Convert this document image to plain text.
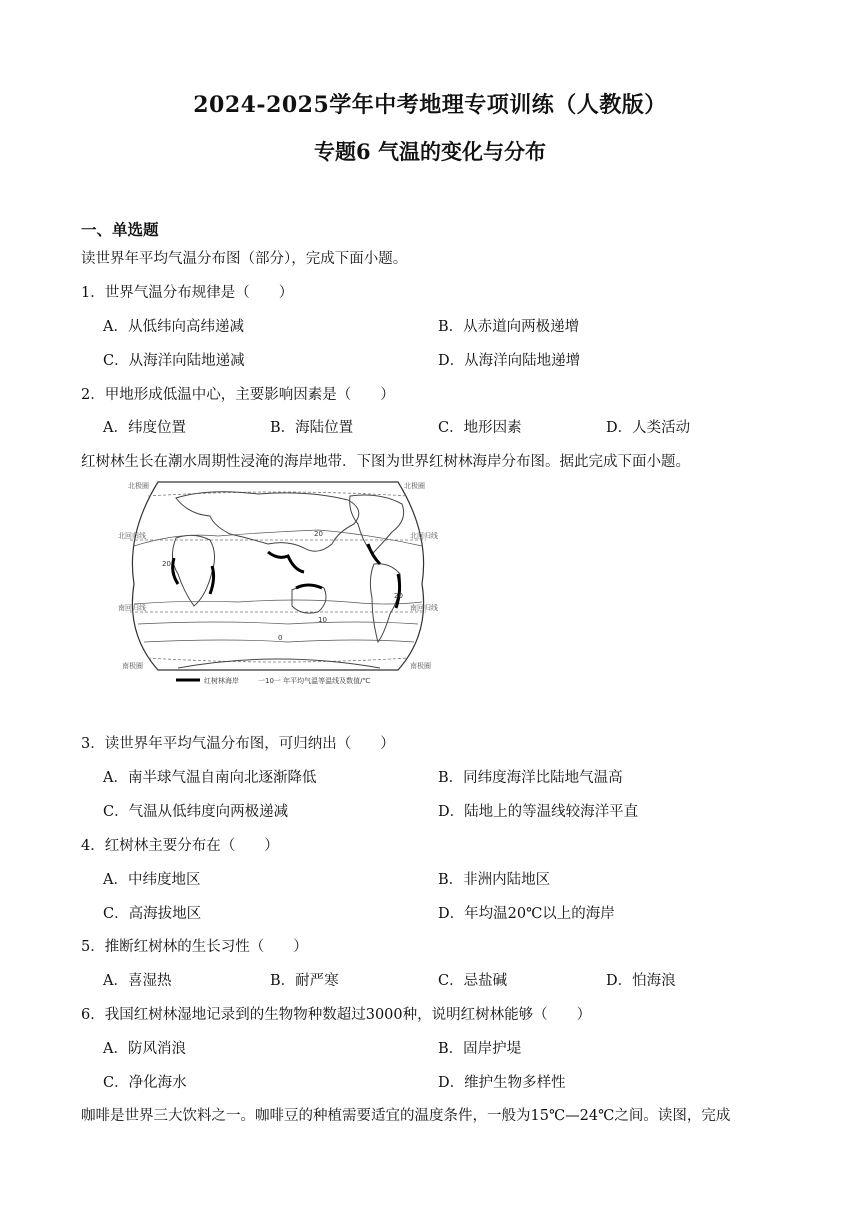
2024-2025学年中考地理专项训练（人教版）
专题6 气温的变化与分布
一、单选题
读世界年平均气温分布图（部分），完成下面小题。
1．世界气温分布规律是（　　）
A．从低纬向高纬递减	B．从赤道向两极递增
C．从海洋向陆地递减	D．从海洋向陆地递增
2．甲地形成低温中心，主要影响因素是（　　）
A．纬度位置	B．海陆位置	C．地形因素	D．人类活动
红树林生长在潮水周期性浸淹的海岸地带．下图为世界红树林海岸分布图。据此完成下面小题。
北极圈	北极圈
北回归线	北回归线
南回归线	南回归线
南极圈	南极圈
20
20
20
10
0
红树林海岸	一10一 年平均气温等温线及数值/℃
3．读世界年平均气温分布图，可归纳出（　　）
A．南半球气温自南向北逐渐降低	B．同纬度海洋比陆地气温高
C．气温从低纬度向两极递减	D．陆地上的等温线较海洋平直
4．红树林主要分布在（　　）
A．中纬度地区	B．非洲内陆地区
C．高海拔地区	D．年均温20℃以上的海岸
5．推断红树林的生长习性（　　）
A．喜湿热	B．耐严寒	C．忌盐碱	D．怕海浪
6．我国红树林湿地记录到的生物物种数超过3000种，说明红树林能够（　　）
A．防风消浪	B．固岸护堤
C．净化海水	D．维护生物多样性
咖啡是世界三大饮料之一。咖啡豆的种植需要适宜的温度条件，一般为15℃—24℃之间。读图，完成
